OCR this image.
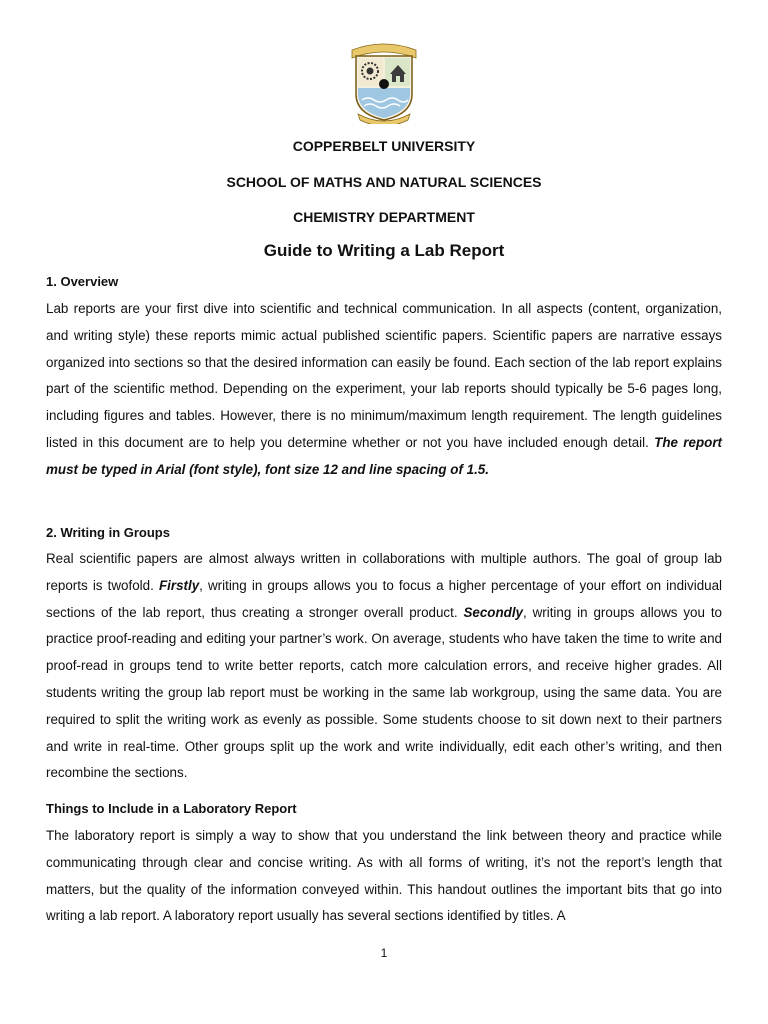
COPPERBELT UNIVERSITY
SCHOOL OF MATHS AND NATURAL SCIENCES
CHEMISTRY DEPARTMENT
Guide to Writing a Lab Report
1. Overview

Lab reports are your first dive into scientific and technical communication. In all aspects (content, organization, and writing style) these reports mimic actual published scientific papers. Scientific papers are narrative essays organized into sections so that the desired information can easily be found. Each section of the lab report explains part of the scientific method. Depending on the experiment, your lab reports should typically be 5-6 pages long, including figures and tables. However, there is no minimum/maximum length requirement. The length guidelines listed in this document are to help you determine whether or not you have included enough detail. The report must be typed in Arial (font style), font size 12 and line spacing of 1.5.

2. Writing in Groups

Real scientific papers are almost always written in collaborations with multiple authors. The goal of group lab reports is twofold. Firstly, writing in groups allows you to focus a higher percentage of your effort on individual sections of the lab report, thus creating a stronger overall product. Secondly, writing in groups allows you to practice proof-reading and editing your partner’s work. On average, students who have taken the time to write and proof-read in groups tend to write better reports, catch more calculation errors, and receive higher grades. All students writing the group lab report must be working in the same lab workgroup, using the same data. You are required to split the writing work as evenly as possible. Some students choose to sit down next to their partners and write in real-time. Other groups split up the work and write individually, edit each other’s writing, and then recombine the sections.

Things to Include in a Laboratory Report

The laboratory report is simply a way to show that you understand the link between theory and practice while communicating through clear and concise writing. As with all forms of writing, it’s not the report’s length that matters, but the quality of the information conveyed within. This handout outlines the important bits that go into writing a lab report. A laboratory report usually has several sections identified by titles. A

1
